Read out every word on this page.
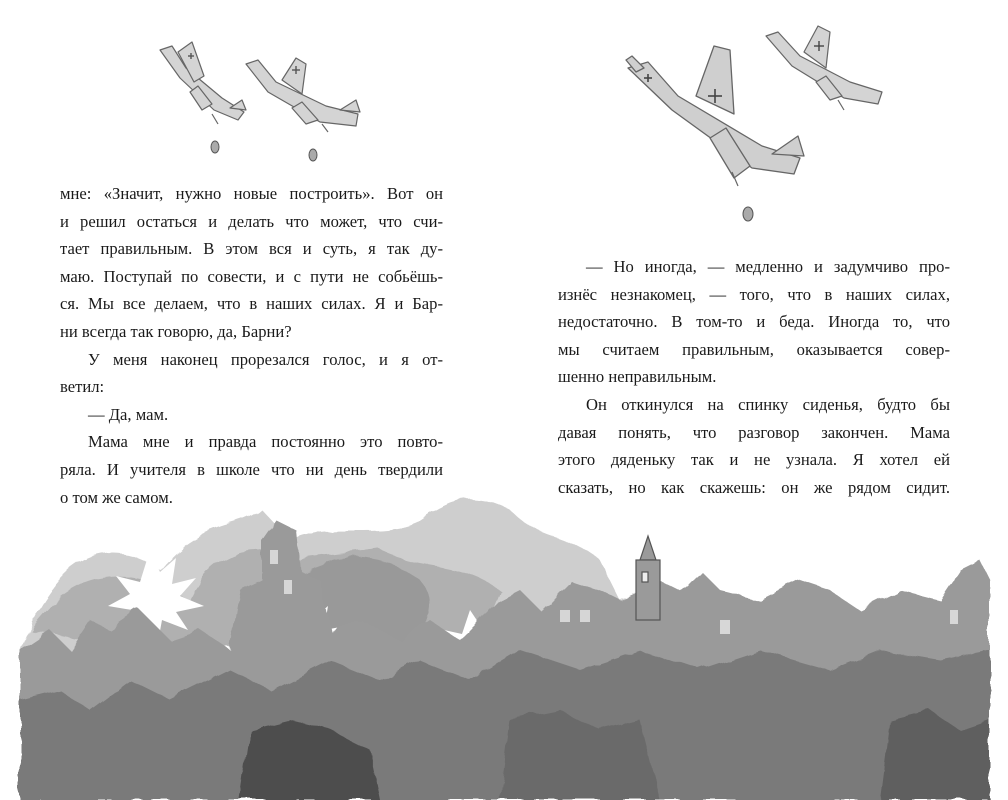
мне: «Значит, нужно новые построить». Вот он

и решил остаться и делать что может, что счи-

тает правильным. В этом вся и суть, я так ду-

маю. Поступай по совести, и с пути не собьёшь-

ся. Мы все делаем, что в наших силах. Я и Бар-

ни всегда так говорю, да, Барни?

У меня наконец прорезался голос, и я от-

ветил:

— Да, мам.

Мама мне и правда постоянно это повто-

ряла. И учителя в школе что ни день твердили

о том же самом.

— Но иногда, — медленно и задумчиво про-

изнёс незнакомец, — того, что в наших силах,

недостаточно. В том-то и беда. Иногда то, что

мы считаем правильным, оказывается совер-

шенно неправильным.

Он откинулся на спинку сиденья, будто бы

давая понять, что разговор закончен. Мама

этого дяденьку так и не узнала. Я хотел ей

сказать, но как скажешь: он же рядом сидит.
